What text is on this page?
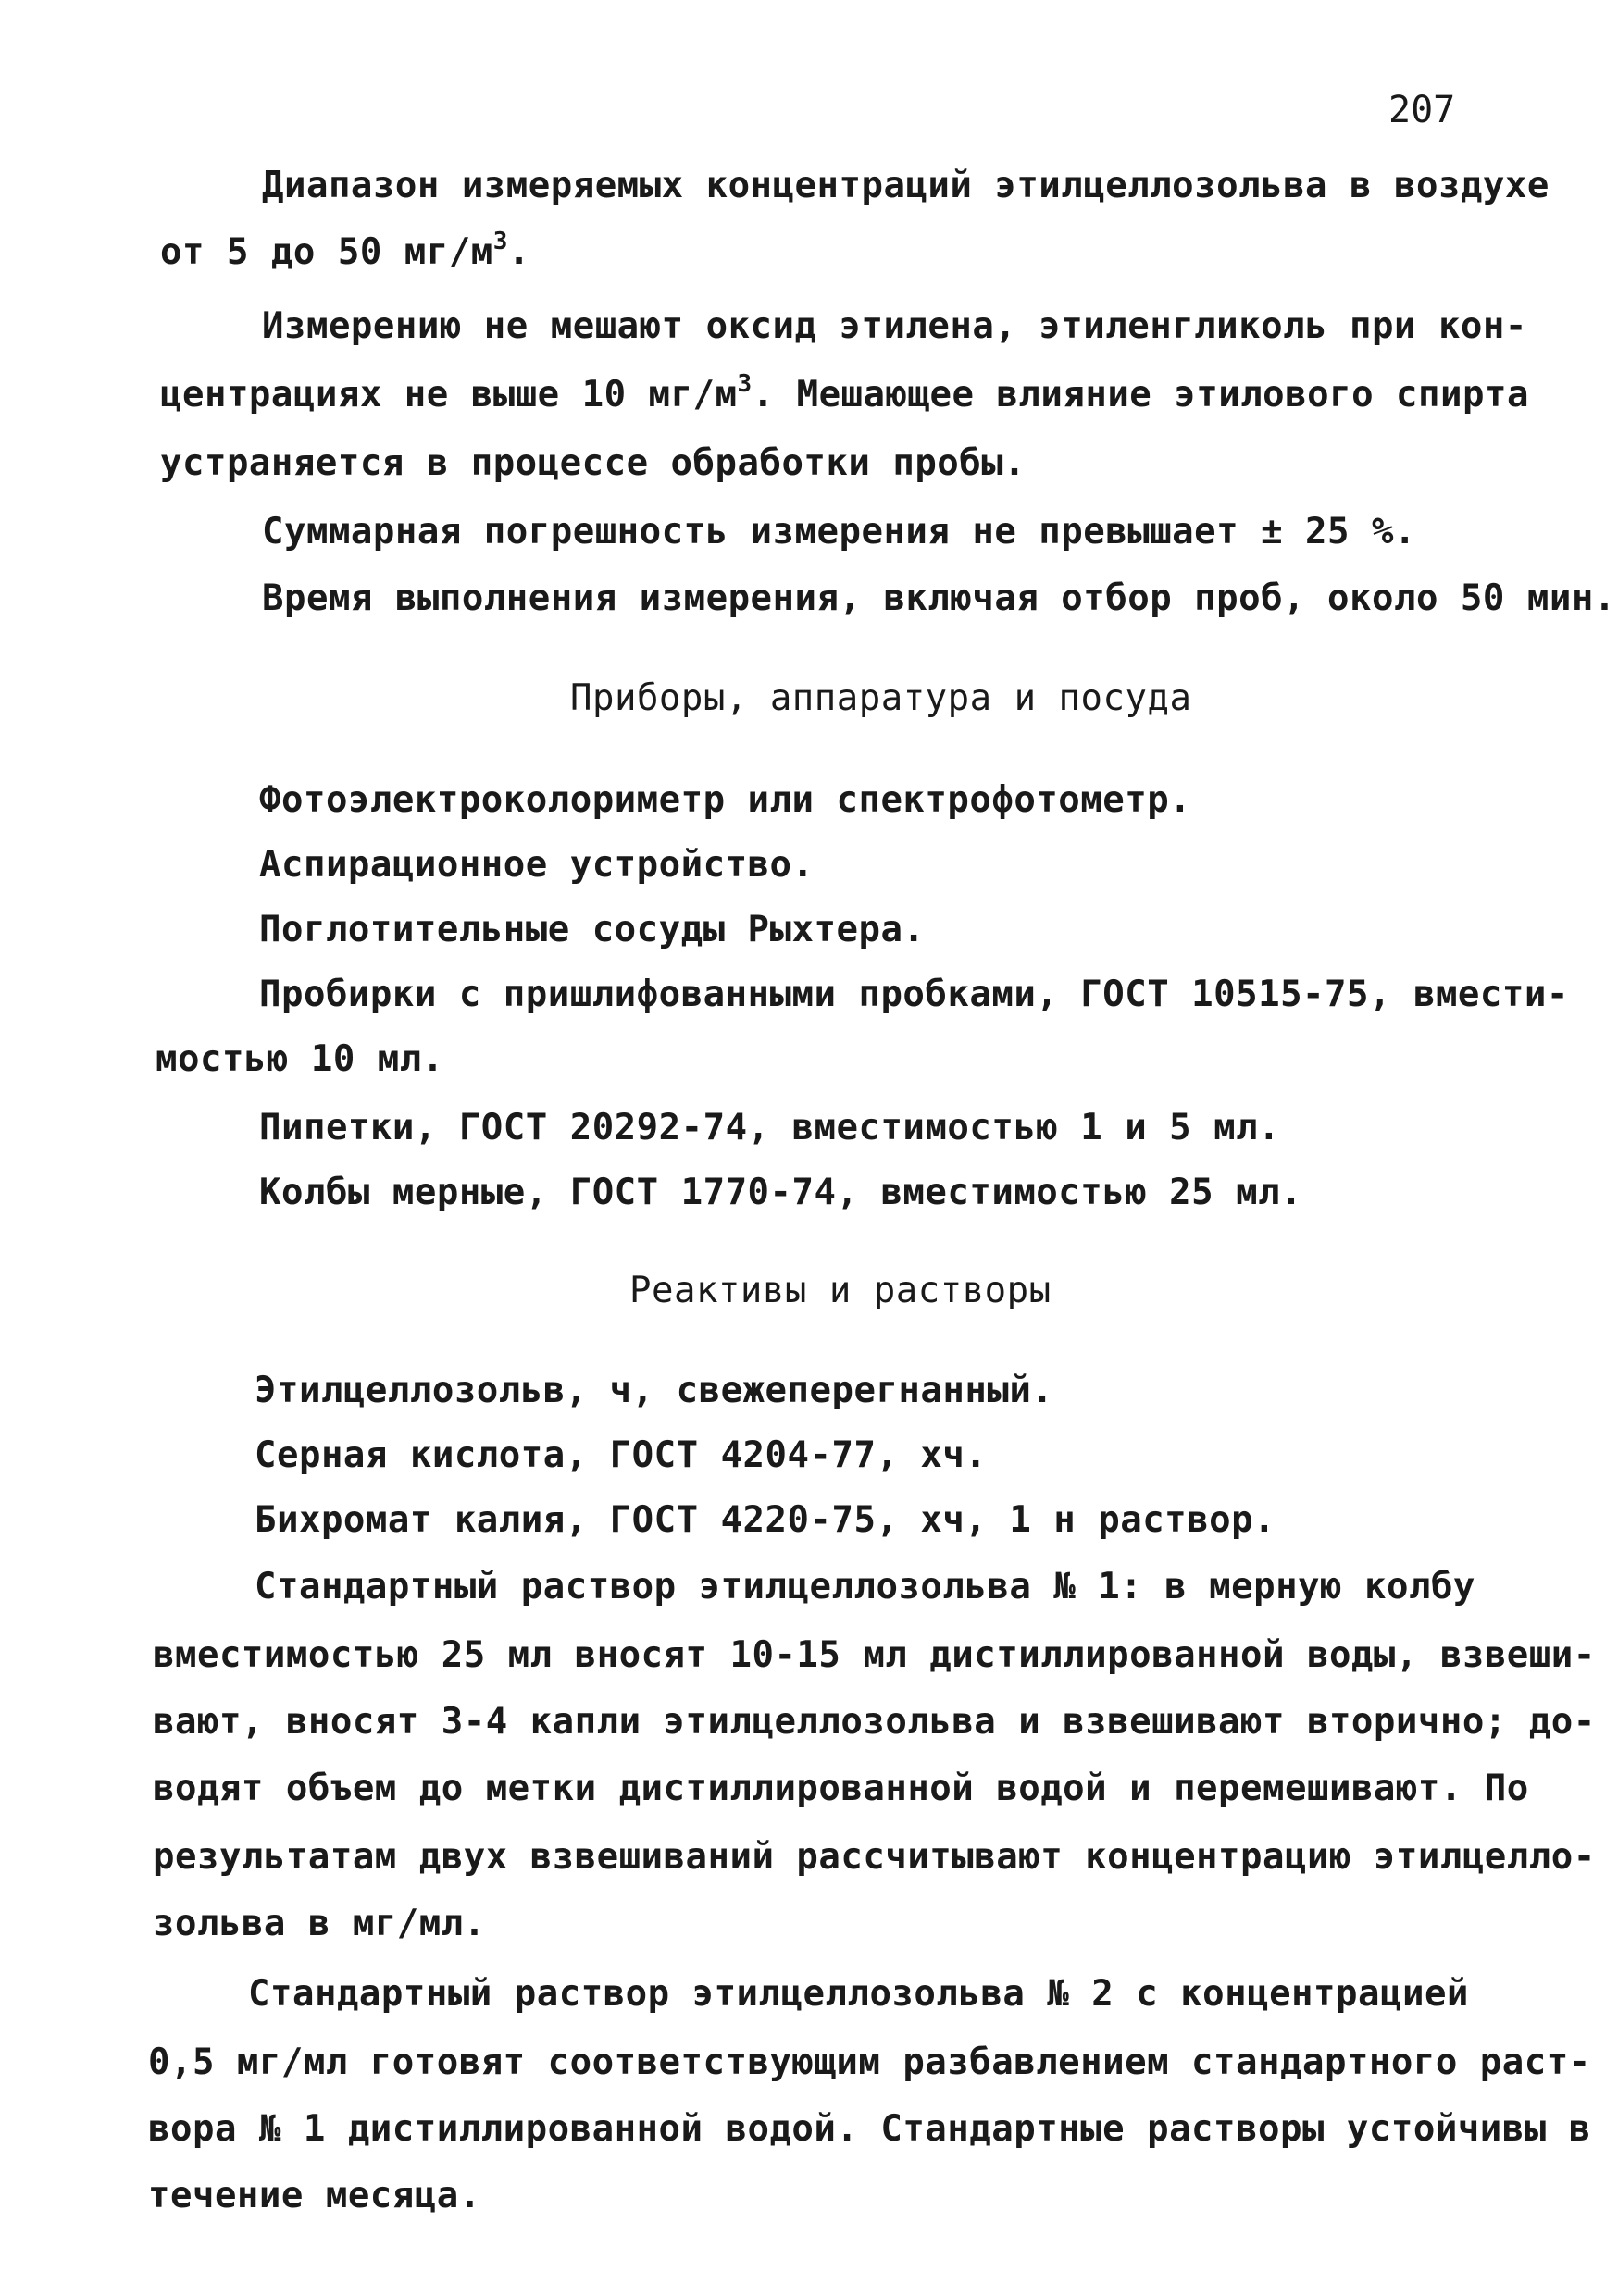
207
Диапазон измеряемых концентраций этилцеллозольва в воздухе
от 5 до 50 $мг/м^3$.
Измерению не мешают оксид этилена, этиленгликоль при кон-
центрациях не выше 10 $мг/м^3$. Мешающее влияние этилового спирта
устраняется в процессе обработки пробы.
Суммарная погрешность измерения не превышает ± 25 %.
Время выполнения измерения, включая отбор проб, около 50 мин.
Приборы, аппаратура и посуда
Фотоэлектроколориметр или спектрофотометр.
Аспирационное устройство.
Поглотительные сосуды Рыхтера.
Пробирки с пришлифованными пробками, ГОСТ 10515-75, вмести-
мостью 10 мл.
Пипетки, ГОСТ 20292-74, вместимостью 1 и 5 мл.
Колбы мерные, ГОСТ 1770-74, вместимостью 25 мл.
Реактивы и растворы
Этилцеллозольв, ч, свежеперегнанный.
Серная кислота, ГОСТ 4204-77, хч.
Бихромат калия, ГОСТ 4220-75, хч, 1 н раствор.
Стандартный раствор этилцеллозольва № 1: в мерную колбу
вместимостью 25 мл вносят 10-15 мл дистиллированной воды, взвеши-
вают, вносят 3-4 капли этилцеллозольва и взвешивают вторично; до-
водят объем до метки дистиллированной водой и перемешивают. По
результатам двух взвешиваний рассчитывают концентрацию этилцелло-
зольва в мг/мл.
Стандартный раствор этилцеллозольва № 2 с концентрацией
0,5 мг/мл готовят соответствующим разбавлением стандартного раст-
вора № 1 дистиллированной водой. Стандартные растворы устойчивы в
течение месяца.
